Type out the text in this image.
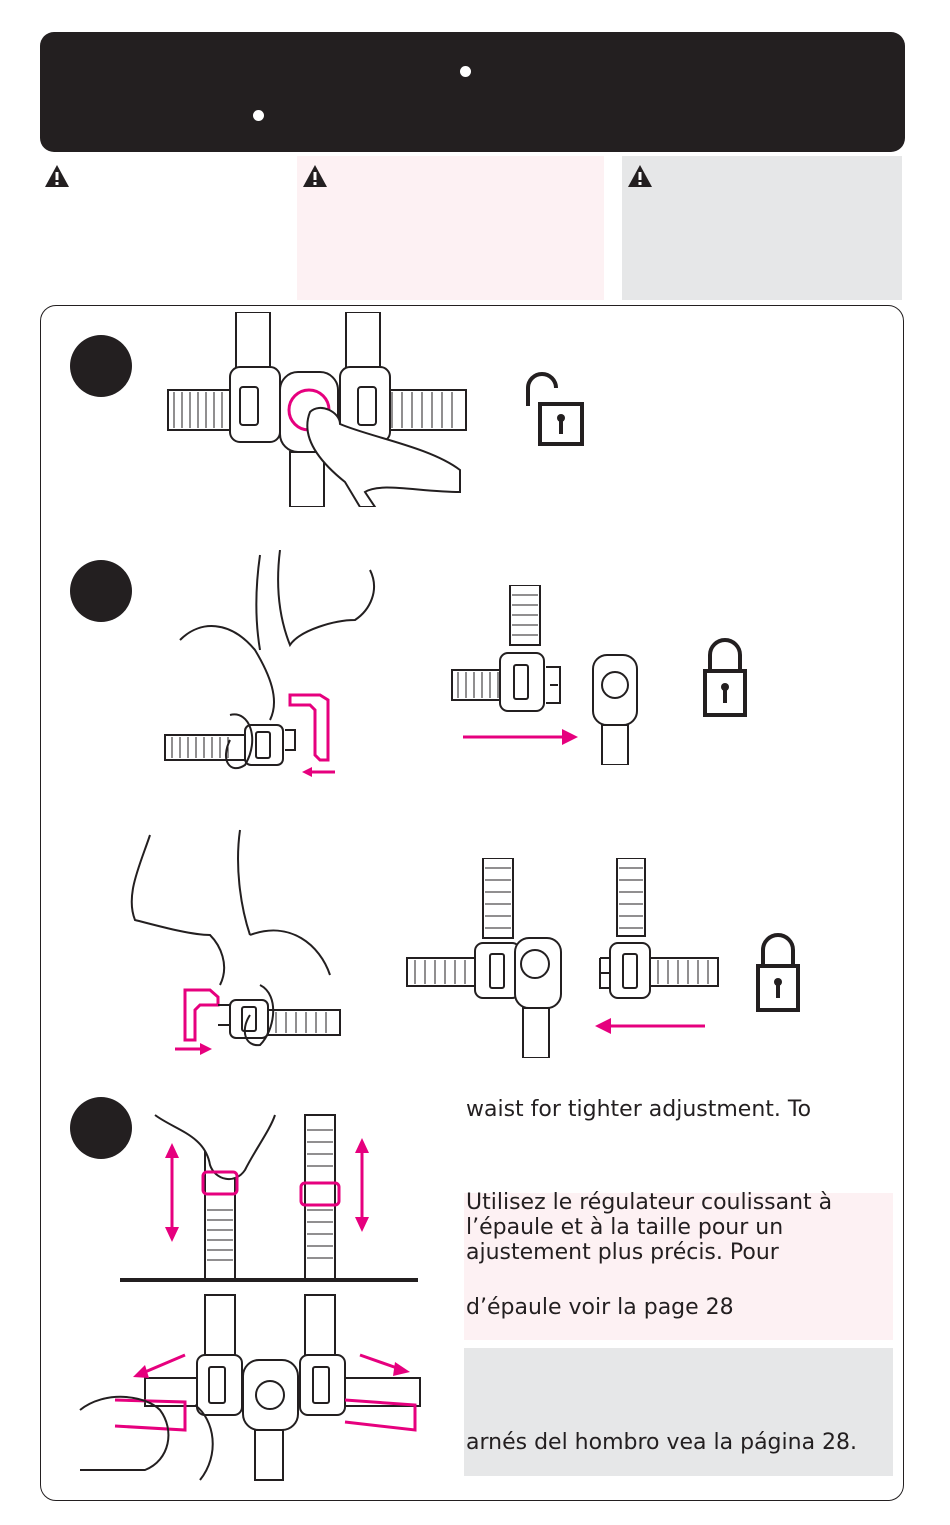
waist for tighter adjustment. To
Utilisez le régulateur coulissant à
l’épaule et à la taille pour un
ajustement plus précis. Pour
d’épaule voir la page 28
arnés del hombro vea la página 28.
